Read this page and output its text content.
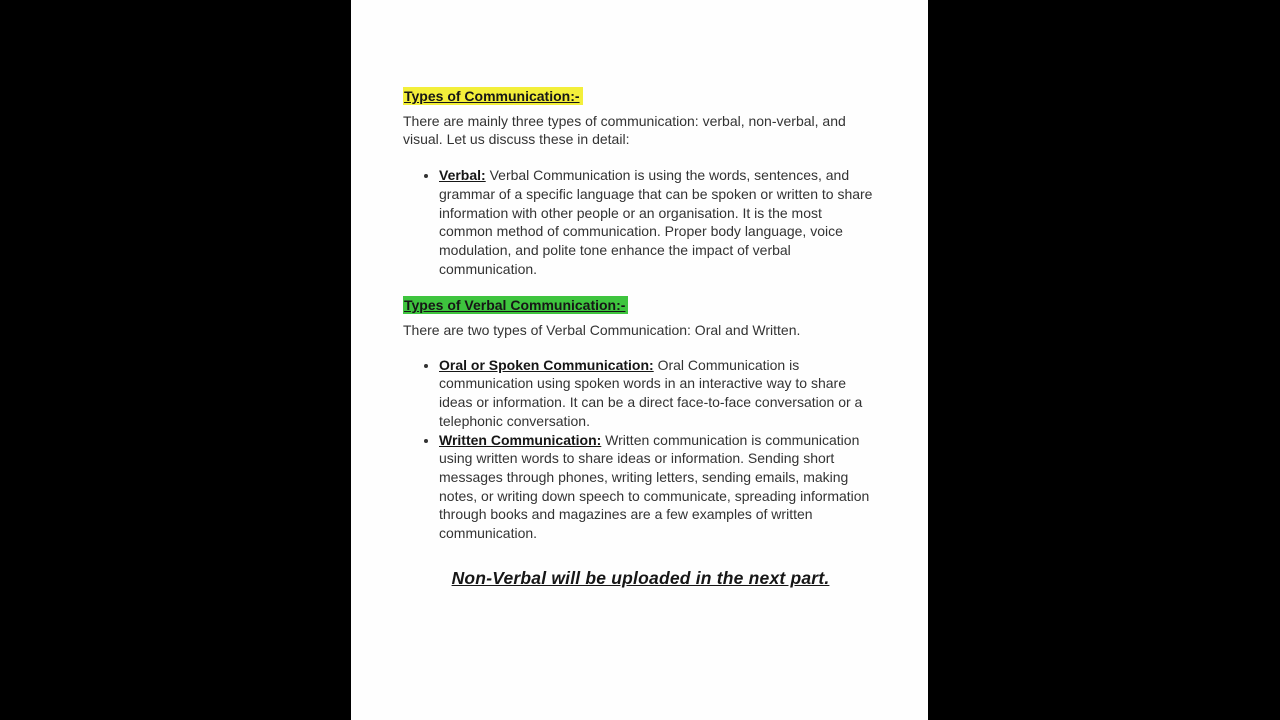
Types of Communication:-

There are mainly three types of communication: verbal, non-verbal, and visual. Let us discuss these in detail:

• Verbal: Verbal Communication is using the words, sentences, and grammar of a specific language that can be spoken or written to share information with other people or an organisation. It is the most common method of communication. Proper body language, voice modulation, and polite tone enhance the impact of verbal communication.
Types of Verbal Communication:-

There are two types of Verbal Communication: Oral and Written.

• Oral or Spoken Communication: Oral Communication is communication using spoken words in an interactive way to share ideas or information. It can be a direct face-to-face conversation or a telephonic conversation.
• Written Communication: Written communication is communication using written words to share ideas or information. Sending short messages through phones, writing letters, sending emails, making notes, or writing down speech to communicate, spreading information through books and magazines are a few examples of written communication.

Non-Verbal will be uploaded in the next part.
